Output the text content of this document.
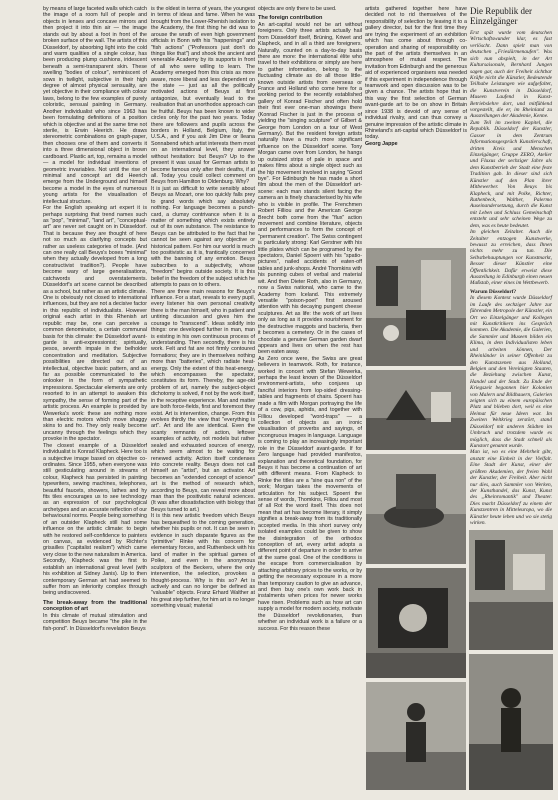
by means of large faceted walls which catch the image of a room full of people and objects in lenses and concave mirrors and then project it into thin air — the image stands out by about a foot in front of the broken surface of the wall. The artists of this Düsseldorf, by absorbing light into the cold and warm qualities of a single colour, has been producing plump cushions, iridescent beneath a semi-transparent skin. These swelling "bodies of colour", reminiscent of sows in twilight, subjective in their high degree of almost physical sensuality, are yet objective in their compliance with colour laws, belong to the few examples of purely coloristic, sensual painting in Germany. Another individualist who since 1963 has been formulating definitions of a position which is objective and at the same time not sterile, is Erwin Heerich. He draws stereometric combinations on graph-paper, then chooses one of them and converts it into a three dimensional object in brown cardboard. Plastic art, top, remains a model — a model for individual inventions of geometric invariables. Not until the rise of minimal and concept art did Heerich emerge from the Underground and himself become a model in the eyes of numerous young artists for the visualisation of intellectual structure.

For the English speaking art expert it is perhaps surprising that trend names such as "pop", "minimal", "land art", "conceptual-art" are never set caught on in Düsseldorf. That is because they are thought of here not so much as clarifying concepts but rather as useless categories of trade. (And can one really call Beuys's boxes "minimal" when they actually developed from a long constructivist tradition?). People have become wary of large generalisations, catchwords and overstatements. Düsseldorf's art scene cannot be described as a school, but rather as an artistic climate. One is obviously not closed to international influences, but they are not a decisive factor in this republic of individualists. However original each artist in this Rhenish art republic may be, one can perceive a common denominator, a certain communal basis for this climate: the Düsseldorf avant-garde is anti-expressionist; spiritually, pesos, seventh impale in the belholder concentration and meditation. Subjective possibilities are directed out of an intellectual, objective basic pattern, and as far as possible communicated to the onlooker in the form of sympathetic impressions. Spectacular elements are only resorted to in an attempt to awaken this sympathy, the sense of forming part of the artistic process. An example is provided by Wewerka's work: these are nothing more than electric motors which move shaggy skins to and fro. They only really become uncanny through the feelings which they provoke in the spectator.

The closest example of a Düsseldorf individualist is Konrad Klapheck. Here too is a subjective image based on objective co-ordinates. Since 1955, when everyone was still gesticulating around in streams of colour, Klapheck has persisted in painting typewriters, sewing machines, telephones, beautiful faucets, showers, lathes and hy fits tiles encourages us to see technology as an expression of our psychological archetypes and an accurate reflection of our behavioural norms. People being something of an outsider Klapheck still had some influence on the artistic climate: to begin with he restored self-confidence to painters on canvas, as evidenced by Richter's grisailles ("capitalist realism") which came very close to the new naturalism in America. Secondly, Klapheck was the first to establish an international great level (with his exhibition at Sidney Janis). Up to then contemporary German art had seemed to suffer from an inferiority complex through being undiscovered.

The break-away from the traditional conception of art

In this climate of mutual stimulation and competition Beuys became "the pike in the fish-pond". In Düsseldorf's revelation Beuys

is the oldest in terms of years, the youngest in terms of ideas and fame. When he was brought from the Lower-Rhenish isolation to the Academy, the first thing he did was to arouse the wrath of even high government officials in Bonn with his "happenings" and "fish actions" ("Professors just don't do things like that") and shook the ancient and venerable Academy by its supports in front of all who were willing to learn. The Academy emerged from this crisis as more aware, more liberal and less dependent on the state — just as all the politically motivated actions of Beuys at first antagonize, but eventually lead to the realisation that an unorthodox approach can be fruitful. Beuys has been known to wider circles only for the past two years. Today there are followers and pupils across the borders in Holland, Belgium, Italy, the U.S.A., and if you ask Jim Dine or Ileana Sonnabend which artist interests them most on an international level, they answer without hesitation: but Beuys? Up to the present it was usual for German artists to become famous only after their deaths, if at all. Today you could collect comment on Beuys from Hamilton to Oldenburg. Why?

It is just as difficult to write sensibly about Beuys as Mozart, one too quickly falls prey to grand words which say absolutely nothing. For language becomes a punch-card, a clumsy contrivance when it is a matter of something which exists entirely out of its own substance. The resistance to Beuys can be attributed to the fact that he cannot be seen against any objective or historical pattern. For him our world is much too positivistic as it is, frantically concerned with the banning of any emotion. Beuys subscribes to a subjectivity, whose "freedom" begins outside society. It is this belief in the freedom of the subject which he attempts to pass on to others.

There are three main reasons for Beuys's influence. For a start, reveals to every pupil, every listener his own personal creativity there is the man himself, who in patient and untiring discussion and gives him the courage to "transcend". Ideas solidify into things: one developed further in man, man is existing in his own continuous process of understanding. Then secondly, there is his work. Felt and fat are not firmly contoured formations; they are in themselves nothing more than "batteries", which radiate heat-energy. Only the extent of this heat-energy, which encompasses the spectator, constitutes its form. Thereby, the age-old problem of art, namely the subject-object dichotomy is solved, if not by the work itself, in the receptive experience. Man and matter are both force-fields, first and foremost they exist. Art is intervention, change. From this evolves thirdly the view that "everything is art". Art and life are identical. Even the scanty remnants of action, leftover examples of activity, not models but rather sealed and exhausted sources of energy, which seem almost to be waiting for renewed activity. Action itself condenses into concrete reality. Beuys does not call himself an "artist", but an activator. Art becomes an "extended concept of science" art is the method of research which, according to Beuys, can reveal more about man than the positivistic natural sciences. (It was after dissatisfaction with biology that Beuys turned to art.)

It is this new artistic freedom which Beuys has bequeathed to the coming generation, whether his pupils or not. It can be seen in evidence in such disparate figures as the "primitive" Rinke with his concern for elementary forces, and Ruthenbeck with his land of matter in the spiritual games of Polke, and even in the anonymous sculptors of the Beckers, where the only intervention, the selection, provokes a thought-process. Why is this so? Art is actively and can no longer be defined as "valuable" objects. Franz Erhard Walther at his great step further, for him art is no longer something visual; material

objects are only there to be used.

The foreign contribution

An art-capital would not be art without foreigners. Only three artists actually hail from Düsseldorf itself, Brüning, Kriwet and Klapheck, and in all a third are foreigners. Naturally, counted on a day-to-day basis there are more: the international élite who travel to their exhibitions or simply are here to gather information, belong to the fluctuating climate as do all those little-known outside artists from overseas or France and Holland who come here for a working period to the recently established gallery of Konrad Fischer and often hold their first ever one-man showings there (Konrad Fischer is just in the process of yielding the "singing sculpture" of Gilbert & George from London on a tour of West Germany). But the resident foreign artists naturally have a much more significant influence on the Düsseldorf scene. Tony Morgan came over from London, he hangs up outsized strips of pale in space and makes films about a single object such as the hip movement involved in saying "Good bye". For Edinburgh he has made a short film about the men of the Düsseldorf art-scene: each man stands silent facing the camera an is finely characterised by his wife who is visible in profile. The Frenchmen Robert Filliou and the American George Brecht both come from the "flux" action movement and combine literature, objects and performances to form the concept of "permanent creation". The Swiss contingent is particularly strong: Karl Gerstner with his little plates which can be programed by the spectators, Daniel Spoerri with his "spatio-pictures", nailed accidents of eaten-off tables and junk-shops. André Thomkins with his punning cubes of verbal and material wit. And then Dieter Roth, also in Germany, now a Swiss national, who came to the Academy from Iceland. This extremely versatile "poison-poet" first aroused attention with his decaying pungent cheese sculptures. Art as life: the work of art lives only as long as it provides nourishment for the destructive maggots and bacteria, then it becomes a cemetery. Or in the cases of chocolate a genuine German garden dwarf appears and lives on when the rest has been eaten away.

As Zero once were, the Swiss are great believers in teamwork. Roth, for instance, worked in concert with Stefan Wewerka, perhaps the least known of the Düsseldorf environment-artists, who conjures up fanciful interiors from lop-sided dressing-tables and fragments of chairs. Spoerri has made a film with Morgan portraying the life of a cow, pigs, aphids, and together with Filliou developed "word-traps" — a collection of objects as an ironic visualisation of proverbs and sayings, of incongruous images in language. Language is coming to play an increasingly important role in the Düsseldorf avant-garde. If for Zero language had provided manifestos, explanation and theoretical foundation, for Beuys it has become a continuation of art with different means. From Klapheck to Rinke the titles are a "sine qua non" of the work; Morgan takes the movements of articulation for his subject. Spoerri the sense of words, Thomkins, Filliou and most of all Rot the word itself. This does not mean that art has become literary, it simply signifies a break-away from its traditionally accepted media. In this short survey only isolated examples could be given to show the disintegration of the orthodox conception of art, every artist adopts a different point of departure in order to arrive at the same goal. One of the conditions is the escape from commercialisation by attaching arbitrary prices to the works, or by getting the necessary exposure in a more than temporary caution to give an advance, and then buy one's own work back in instalments when prices for newer works have risen. Problems such as how art can supply a model for modern society, motivate the Düsseldorf revolutionaries, than whether an individual work is a failure or a success. For this reason these

artists gathered together here have decided not to rid themselves of the responsibility of selection by leaving it to a gallery director, but for the first time they are trying the experiment of an exhibition which has come about through co-operation and sharing of responsibility on the part of the artists themselves in an atmosphere of mutual respect. The invitation from Edinburgh and the generous aid of experienced organisers was needed if this experiment in independence through teamwork and open discussion was to be given a chance. The artists hope that in this way the first selection of German avant-garde art to be on show in Britain since 1938 is devoid of any sense of individual rivalry, and can thus convey a genuine impression of the artistic climate in Rhineland's art-capital which Düsseldorf is today.

Georg Jappe

Die Republik der Einzelgänger

Erst spät wurde vom deutschen Wirtschaftswunder klar, es fast verlöscht. Dann spielt man von deutschen „Frieslärmenaufen". Was sich nun abspielt, in der Art Kultursaisonale, Bernhard Jungen sagen gar, auch der Freiheit sichtbar Kräfte nicht die Künstler, Bedeutende Teilhabe Leistungen wie aufgefaltet, die Kunstverein in Düsseldorf, Museen Laufend in Kunst-Betriebslehre dort, und mitfühlend vorgestellt, die er, im Rheinland zu Ausstellungen der Akademie, Kenne.

Zum Teil im zweiten Kapitel, die Republik. Düsseldorf der Kunstler, Gasser in dem Zentrum Informationsgespräch Kunstlerschaft, dritten Kreis und Menschen Einzelgänger, Gruppe ZERO, Atelier und Fluxus der sechziger Jahre als dem Kunstbetrieb der Stadt eine feste Tradition gab. In dieser sind sich Künstler auf den Plan ihrer Mitbewerber. Von Beuys bis Klapheck, und mit Polke, Richter, Ruthenbeck, Walther, Palermo Auseinandersetzung, durch die Kunst mit Leben und Schluss Gemeinschaft entsteht und sehr scheinen Wege zu dem, was es heute bedeutet.

Im gleichen Zeitalter. Auch die Zeitalter entzogen Kunstwerke, bewusst zu erreichen, dass Ihnen nichts mehr zu tun. Die Selbstbehauptungen vor Kunstmarkt, Besser dieser Künstler eine Öffentlichkeit. Dafür erweist diese Ausstellung in Edinburgh einen neuen Maßstab, einer eines im Wettbewerb.

Warum Düsseldorf?

In diesem Kontext wurde Düsseldorf im Laufe des sechziger Jahre zur führenden Metropole der Künstler, ein Ort wo Einzelgänger und Kollegen mit Kunstkritikern ins Gespräch kommen. Die Akademie, die Galerien, die Sammler und Museen bilden ein Klima, in dem Individualisten leben und arbeiten können, Der Rheinländer in seiner Offenheit zu den Kunstszenen aus Holland, Belgien und den Vereinigten Staaten, die Beziehung zwischen Kunst, Handel und der Stadt. Zu Ende der Kriegszeit begannen hier Kolonien von Malern und Bildhauern, Galerien zeigten sich zu einem europäischen Platz und blieben dort, weil es eine Heimat für neue Ideen war. Im Zweiten Weltkrieg zerstört, stand Düsseldorf mit anderen Städten im Umbruch und trotzdem wurde es möglich, dass die Stadt schnell als Kunstort genannt wurde.

Man ist, wo es eine Mehrheit gibt, anstatt eine Einheit in der Vielfalt. Eine Stadt der Kunst, einer der größten Akademien, der freien Wahl der Kunstler, der Freiheit. Aber nicht nur dies, auch Sammler von Werken, der Kunsthandel, das Kunst, Kunst des „Rheinromantik" und Theater. Dies macht Düsseldorf zu einem der Kunstzentren in Mitteleuropa, wo die Künstler heute leben und wo sie stetig wirken.
